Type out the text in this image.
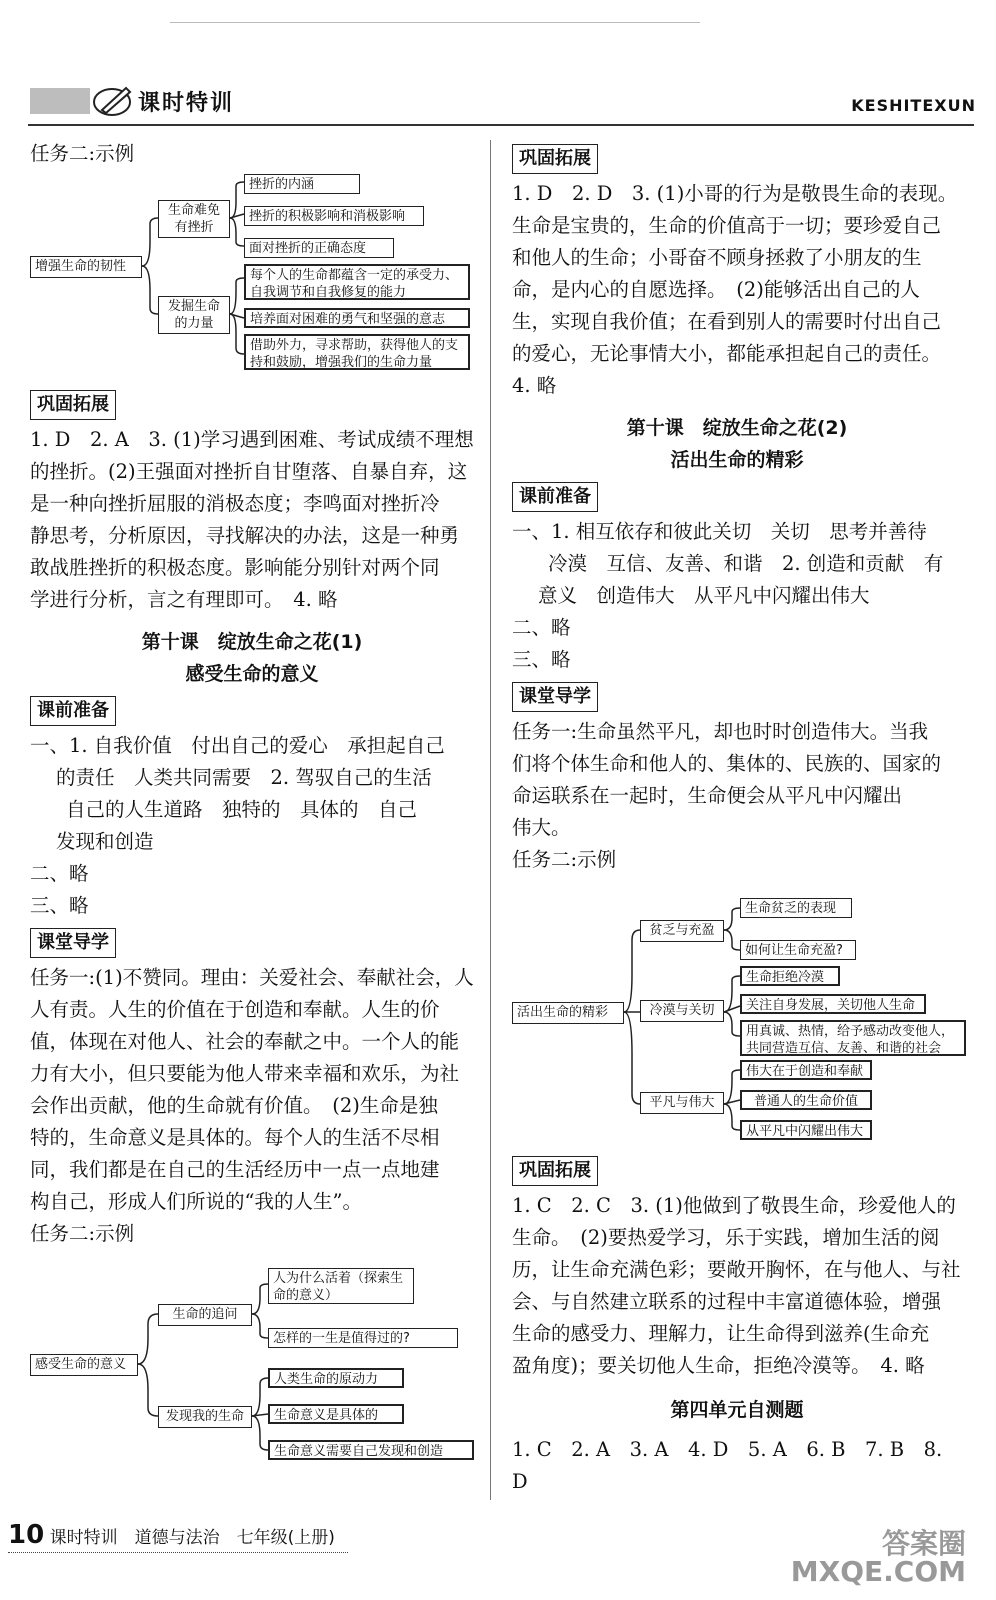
课时特训	KESHITEXUN

任务二:示例

增强生命的韧性
生命难免有挫折
发掘生命的力量
挫折的内涵
挫折的积极影响和消极影响
面对挫折的正确态度
每个人的生命都蕴含一定的承受力、自我调节和自我修复的能力
培养面对困难的勇气和坚强的意志
借助外力，寻求帮助，获得他人的支持和鼓励，增强我们的生命力量
巩固拓展

1. D　2. A　3. (1)学习遇到困难、考试成绩不理想

的挫折。(2)王强面对挫折自甘堕落、自暴自弃，这

是一种向挫折屈服的消极态度；李鸣面对挫折冷

静思考，分析原因，寻找解决的办法，这是一种勇

敢战胜挫折的积极态度。影响能分别针对两个同

学进行分析，言之有理即可。　4. 略

第十课　绽放生命之花(1)

感受生命的意义

课前准备

一、1. 自我价值　付出自己的爱心　承担起自己

的责任　人类共同需要　2. 驾驭自己的生活

自己的人生道路　独特的　具体的　自己

发现和创造

二、略

三、略

课堂导学

任务一:(1)不赞同。理由：关爱社会、奉献社会，人

人有责。人生的价值在于创造和奉献。人生的价

值，体现在对他人、社会的奉献之中。一个人的能

力有大小，但只要能为他人带来幸福和欢乐，为社

会作出贡献，他的生命就有价值。　(2)生命是独

特的，生命意义是具体的。每个人的生活不尽相

同，我们都是在自己的生活经历中一点一点地建

构自己，形成人们所说的“我的人生”。

任务二:示例

感受生命的意义
生命的追问
发现我的生命
人为什么活着（探索生命的意义）
怎样的一生是值得过的?
人类生命的原动力
生命意义是具体的
生命意义需要自己发现和创造
巩固拓展

1. D　2. D　3. (1)小哥的行为是敬畏生命的表现。

生命是宝贵的，生命的价值高于一切；要珍爱自己

和他人的生命；小哥奋不顾身拯救了小朋友的生

命，是内心的自愿选择。　(2)能够活出自己的人

生，实现自我价值；在看到别人的需要时付出自己

的爱心，无论事情大小，都能承担起自己的责任。

4. 略

第十课　绽放生命之花(2)

活出生命的精彩

课前准备

一、1. 相互依存和彼此关切　关切　思考并善待

冷漠　互信、友善、和谐　2. 创造和贡献　有

意义　创造伟大　从平凡中闪耀出伟大

二、略

三、略

课堂导学

任务一:生命虽然平凡，却也时时创造伟大。当我

们将个体生命和他人的、集体的、民族的、国家的

命运联系在一起时，生命便会从平凡中闪耀出

伟大。

任务二:示例

活出生命的精彩
贫乏与充盈
冷漠与关切
平凡与伟大
生命贫乏的表现
如何让生命充盈?
生命拒绝冷漠
关注自身发展，关切他人生命
用真诚、热情，给予感动改变他人，共同营造互信、友善、和谐的社会
伟大在于创造和奉献
普通人的生命价值
从平凡中闪耀出伟大
巩固拓展

1. C　2. C　3. (1)他做到了敬畏生命，珍爱他人的

生命。　(2)要热爱学习，乐于实践，增加生活的阅

历，让生命充满色彩；要敞开胸怀，在与他人、与社

会、与自然建立联系的过程中丰富道德体验，增强

生命的感受力、理解力，让生命得到滋养(生命充

盈角度)；要关切他人生命，拒绝冷漠等。　4. 略

第四单元自测题

1. C　2. A　3. A　4. D　5. A　6. B　7. B　8. D

10 课时特训　道德与法治　七年级(上册)	答案圈 MXQE.COM
